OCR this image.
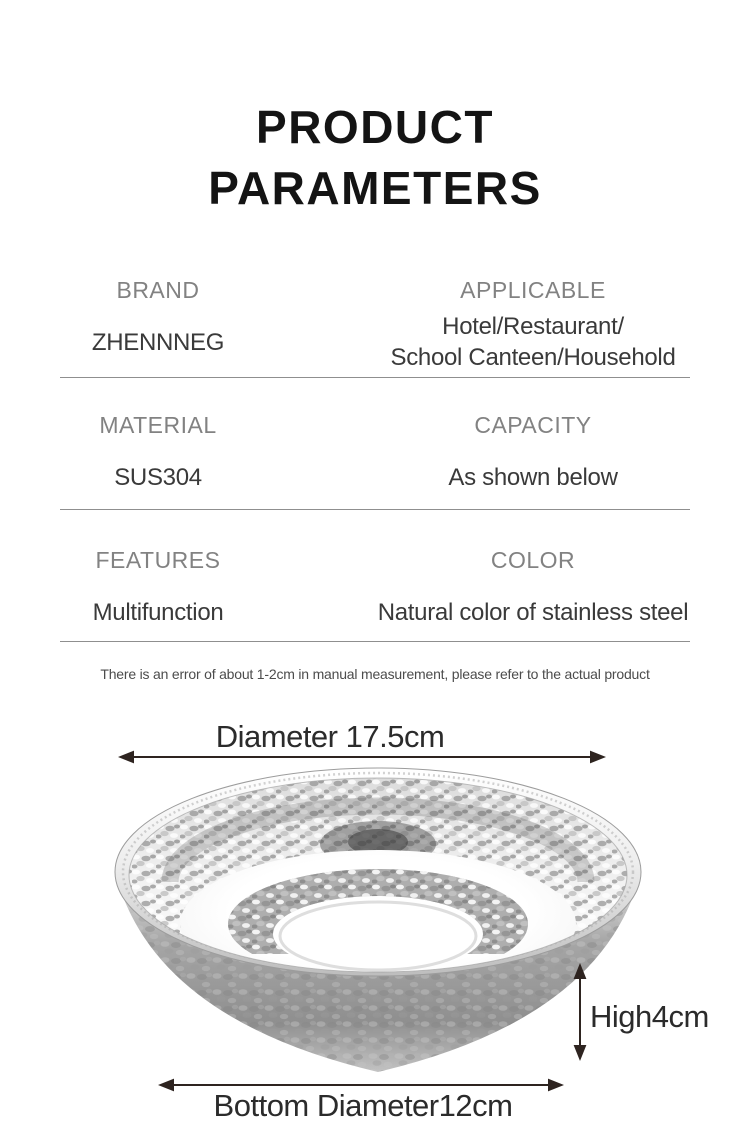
PRODUCT
PARAMETERS
BRAND
ZHENNNEG
APPLICABLE
Hotel/Restaurant/
School Canteen/Household
MATERIAL
SUS304
CAPACITY
As shown below
FEATURES
Multifunction
COLOR
Natural color of stainless steel
There is an error of about 1-2cm in manual measurement, please refer to the actual product
Diameter 17.5cm
High4cm
Bottom Diameter12cm
